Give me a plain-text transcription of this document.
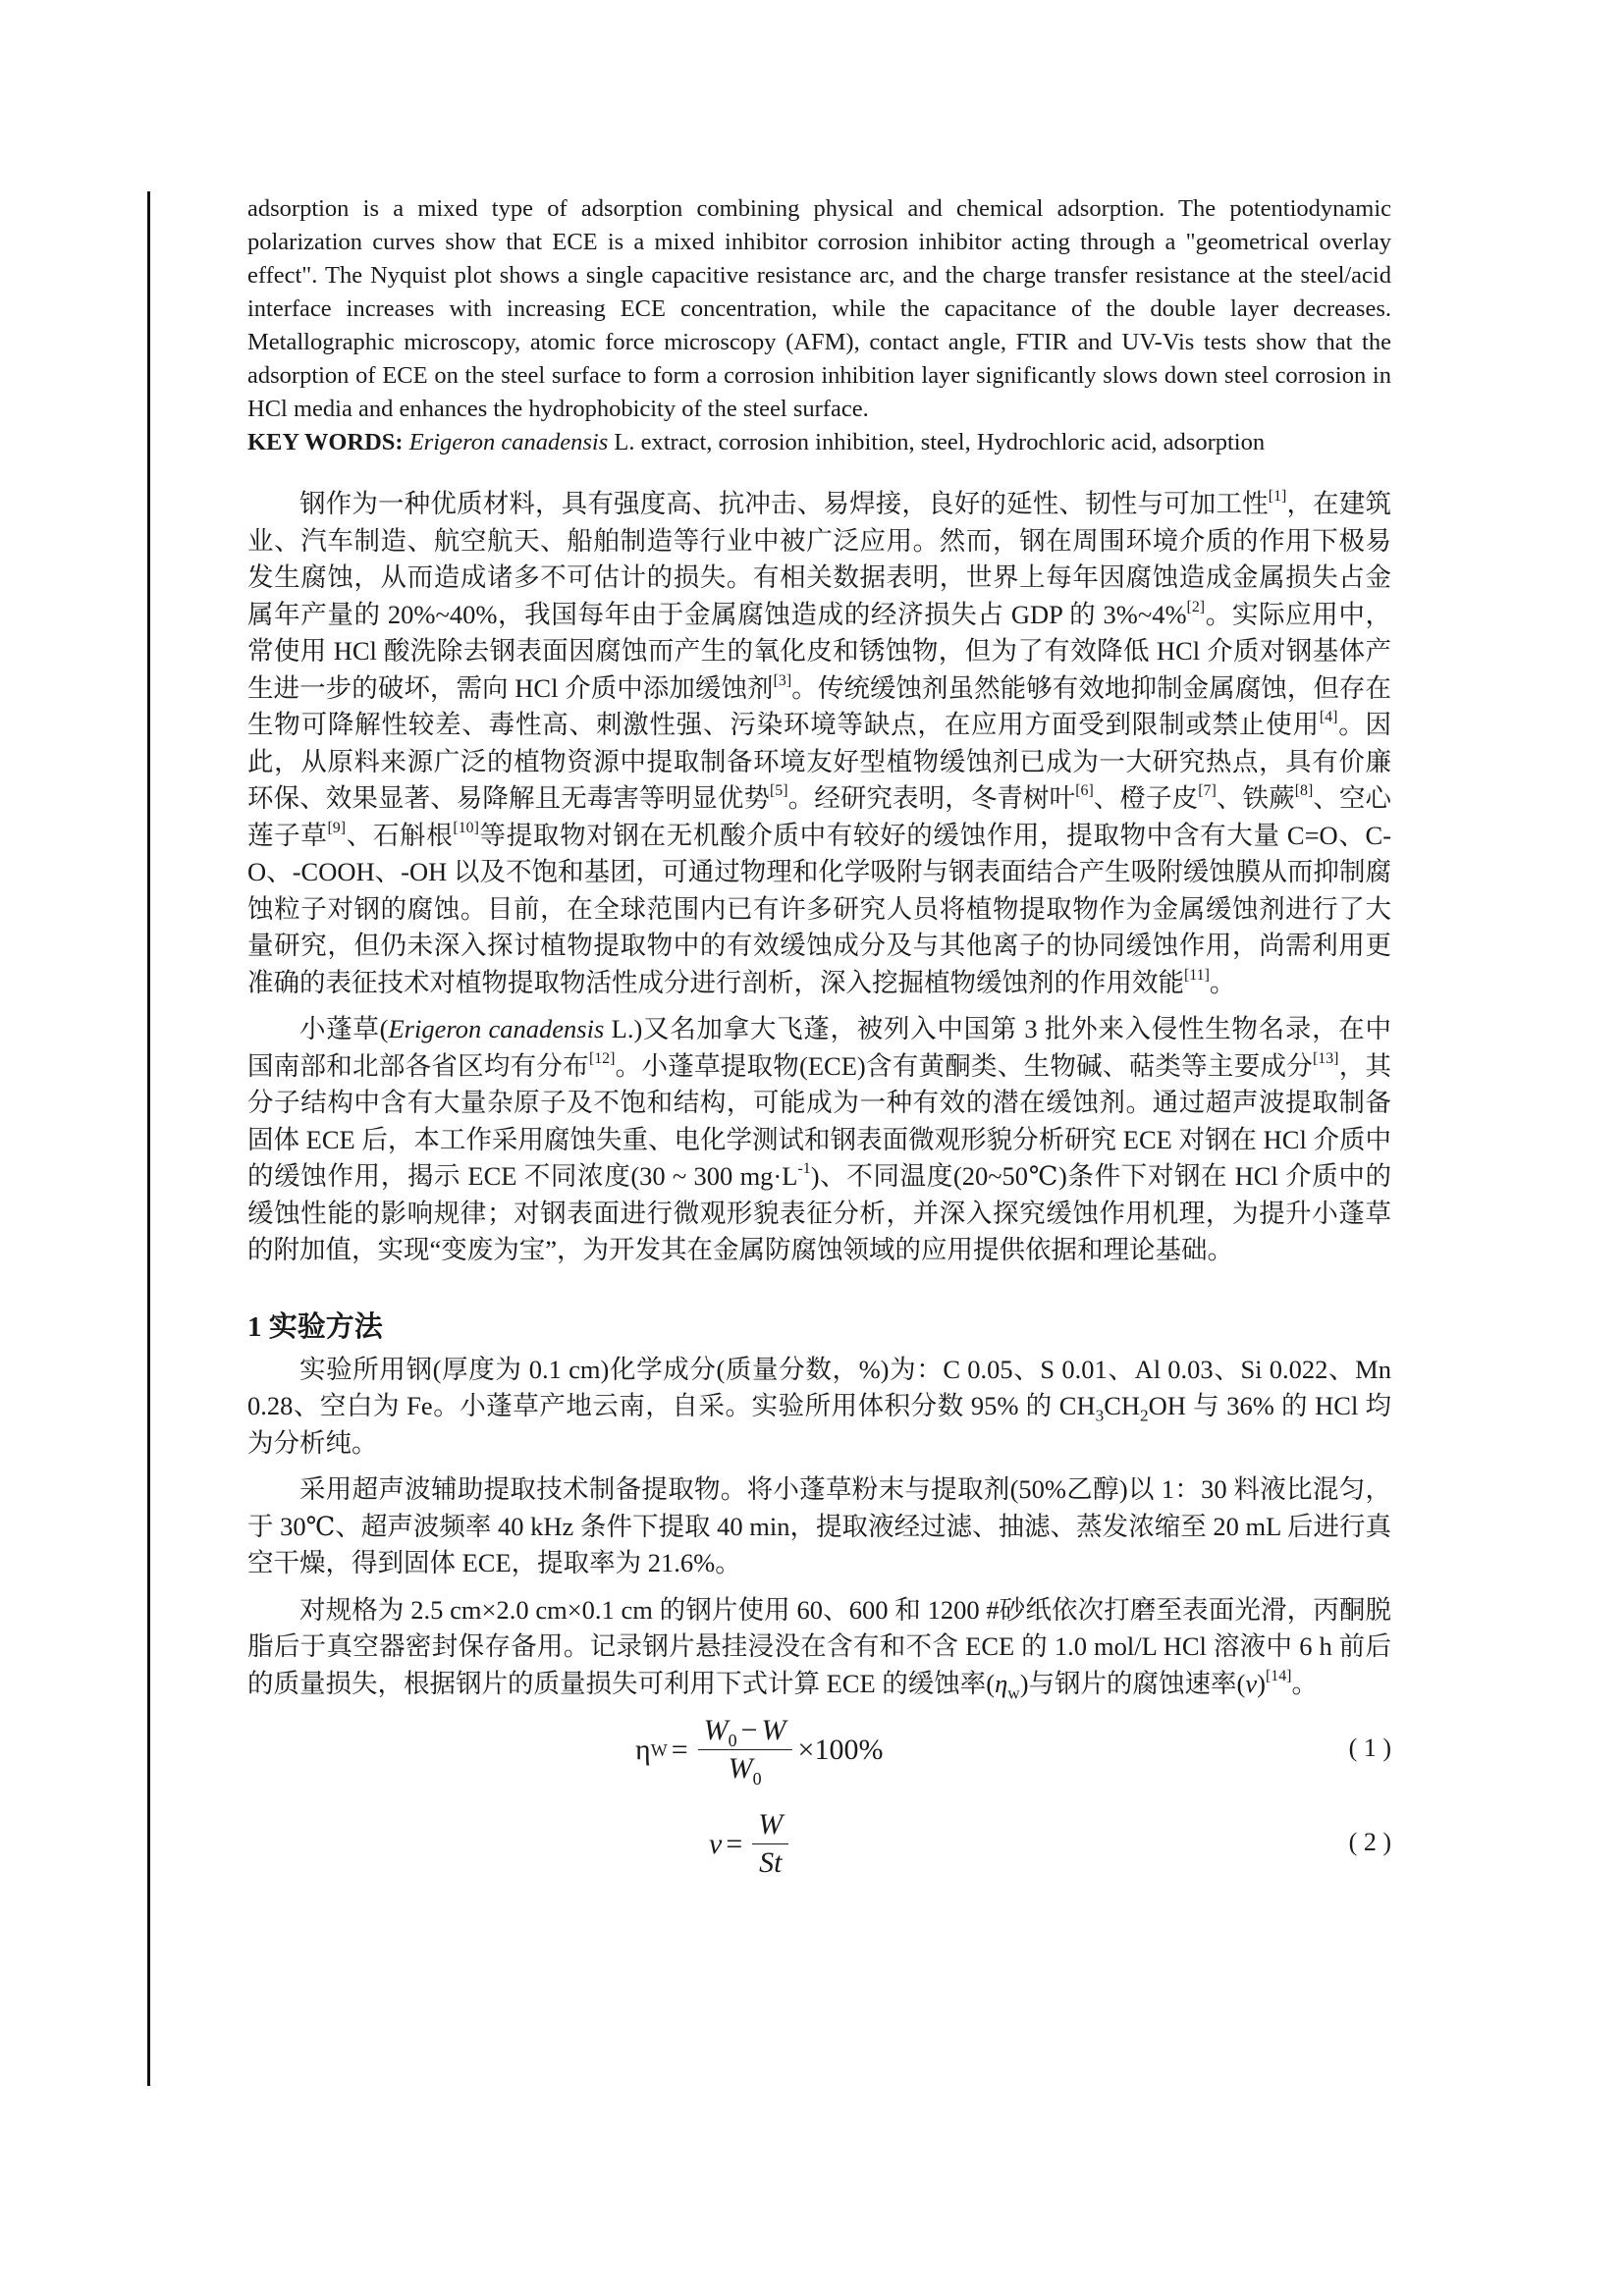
adsorption is a mixed type of adsorption combining physical and chemical adsorption. The potentiodynamic polarization curves show that ECE is a mixed inhibitor corrosion inhibitor acting through a "geometrical overlay effect". The Nyquist plot shows a single capacitive resistance arc, and the charge transfer resistance at the steel/acid interface increases with increasing ECE concentration, while the capacitance of the double layer decreases. Metallographic microscopy, atomic force microscopy (AFM), contact angle, FTIR and UV-Vis tests show that the adsorption of ECE on the steel surface to form a corrosion inhibition layer significantly slows down steel corrosion in HCl media and enhances the hydrophobicity of the steel surface.

KEY WORDS: Erigeron canadensis L. extract, corrosion inhibition, steel, Hydrochloric acid, adsorption

钢作为一种优质材料，具有强度高、抗冲击、易焊接，良好的延性、韧性与可加工性[1]，在建筑业、汽车制造、航空航天、船舶制造等行业中被广泛应用。然而，钢在周围环境介质的作用下极易发生腐蚀，从而造成诸多不可估计的损失。有相关数据表明，世界上每年因腐蚀造成金属损失占金属年产量的 20%~40%，我国每年由于金属腐蚀造成的经济损失占 GDP 的 3%~4%[2]。实际应用中，常使用 HCl 酸洗除去钢表面因腐蚀而产生的氧化皮和锈蚀物，但为了有效降低 HCl 介质对钢基体产生进一步的破坏，需向 HCl 介质中添加缓蚀剂[3]。传统缓蚀剂虽然能够有效地抑制金属腐蚀，但存在生物可降解性较差、毒性高、刺激性强、污染环境等缺点，在应用方面受到限制或禁止使用[4]。因此，从原料来源广泛的植物资源中提取制备环境友好型植物缓蚀剂已成为一大研究热点，具有价廉环保、效果显著、易降解且无毒害等明显优势[5]。经研究表明，冬青树叶[6]、橙子皮[7]、铁蕨[8]、空心莲子草[9]、石斛根[10]等提取物对钢在无机酸介质中有较好的缓蚀作用，提取物中含有大量 C=O、C-O、-COOH、-OH 以及不饱和基团，可通过物理和化学吸附与钢表面结合产生吸附缓蚀膜从而抑制腐蚀粒子对钢的腐蚀。目前，在全球范围内已有许多研究人员将植物提取物作为金属缓蚀剂进行了大量研究，但仍未深入探讨植物提取物中的有效缓蚀成分及与其他离子的协同缓蚀作用，尚需利用更准确的表征技术对植物提取物活性成分进行剖析，深入挖掘植物缓蚀剂的作用效能[11]。

小蓬草(Erigeron canadensis L.)又名加拿大飞蓬，被列入中国第 3 批外来入侵性生物名录，在中国南部和北部各省区均有分布[12]。小蓬草提取物(ECE)含有黄酮类、生物碱、萜类等主要成分[13]，其分子结构中含有大量杂原子及不饱和结构，可能成为一种有效的潜在缓蚀剂。通过超声波提取制备固体 ECE 后，本工作采用腐蚀失重、电化学测试和钢表面微观形貌分析研究 ECE 对钢在 HCl 介质中的缓蚀作用，揭示 ECE 不同浓度(30 ~ 300 $mg\cdot L^{-1}$)、不同温度(20~50℃)条件下对钢在 HCl 介质中的缓蚀性能的影响规律；对钢表面进行微观形貌表征分析，并深入探究缓蚀作用机理，为提升小蓬草的附加值，实现“变废为宝”，为开发其在金属防腐蚀领域的应用提供依据和理论基础。

1 实验方法

实验所用钢(厚度为 0.1 cm)化学成分(质量分数，%)为：C 0.05、S 0.01、Al 0.03、Si 0.022、Mn 0.28、空白为 Fe。小蓬草产地云南，自采。实验所用体积分数 95% 的 $CH_3CH_2OH$ 与 36% 的 HCl 均为分析纯。

采用超声波辅助提取技术制备提取物。将小蓬草粉末与提取剂(50%乙醇)以 1：30 料液比混匀，于 30℃、超声波频率 40 kHz 条件下提取 40 min，提取液经过滤、抽滤、蒸发浓缩至 20 mL 后进行真空干燥，得到固体 ECE，提取率为 21.6%。

对规格为 2.5 cm×2.0 cm×0.1 cm 的钢片使用 60、600 和 1200 #砂纸依次打磨至表面光滑，丙酮脱脂后于真空器密封保存备用。记录钢片悬挂浸没在含有和不含 ECE 的 1.0 mol/L HCl 溶液中 6 h 前后的质量损失，根据钢片的质量损失可利用下式计算 ECE 的缓蚀率$(\eta_w)$与钢片的腐蚀速率(v)[14]。

η $W = \frac{W_0 - W}{W_0} \times 100\%$	( 1 )
$v = \frac{W}{St}$	( 2 )
